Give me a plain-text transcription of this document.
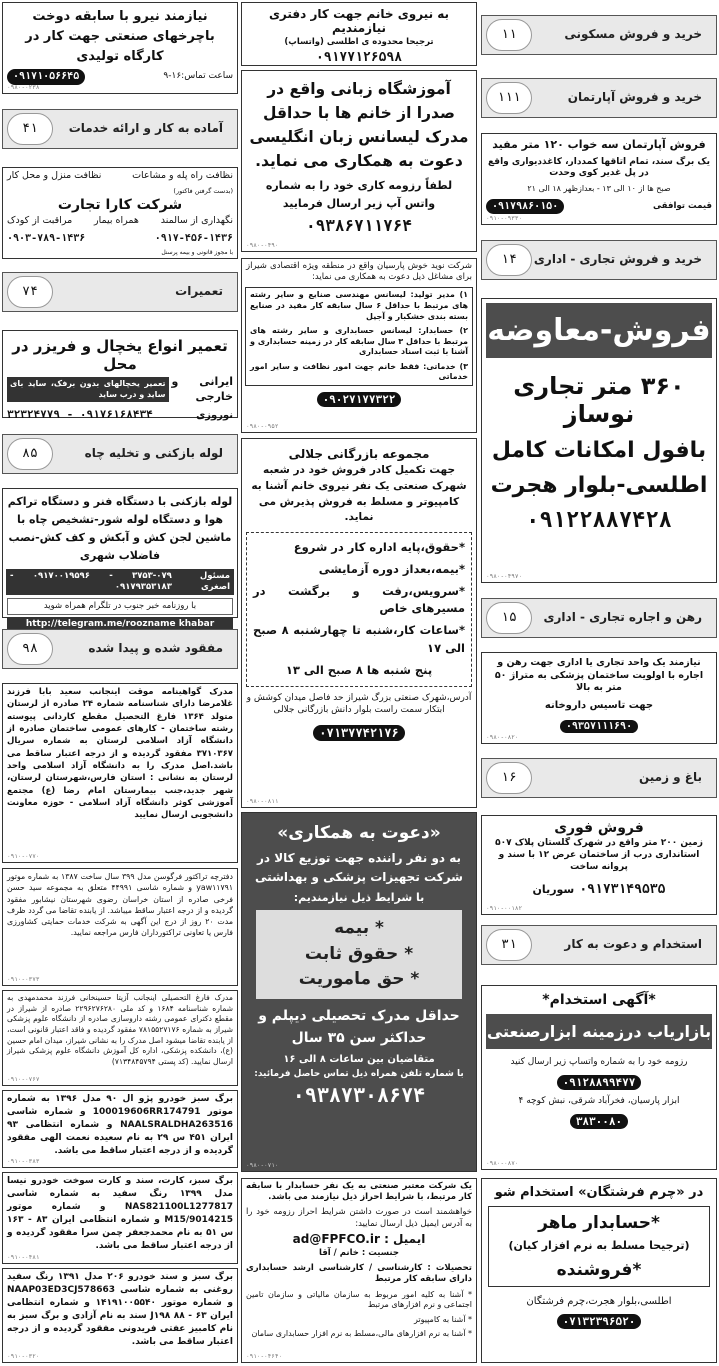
خرید و فروش مسکونی
۱۱
خرید و فروش آپارتمان
۱۱۱
فروش آپارتمان سه خواب ۱۲۰ متر مفید
یک برگ سند، تمام اتاقها کمددار، کاغذدیواری واقع در پل غدیر کوی وحدت
صبح ها از ۱۰ الی ۱۳ - بعدازظهر ۱۸ الی ۲۱
قیمت توافقی
۰۹۱۷۹۸۶۰۱۵۰
۰۹۱۰-۰۹۳۳۰
خرید و فروش تجاری - اداری
۱۴
فروش-معاوضه
۳۶۰ متر تجاری نوساز
بافول امکانات کامل
اطلسی-بلوار هجرت
۰۹۱۲۲۸۸۷۴۲۸
۰۹۸۰-۰۴۹۷۰
رهن و اجاره تجاری - اداری
۱۵
نیازمند یک واحد تجاری یا اداری جهت رهن و اجاره با اولویت ساختمان پزشکی به متراژ ۵۰ متر به بالا
جهت تاسیس داروخانه
۰۹۳۵۷۱۱۱۶۹۰
۰۹۸۰-۰۸۲۰
باغ و زمین
۱۶
فروش فوری
زمین ۲۰۰ متر واقع در شهرک گلستان پلاک ۵۰۷ استانداری درب از ساختمان عرض ۱۲ با سند و پروانه ساخت
۰۹۱۷۳۱۴۹۵۳۵ سوریان
۰۹۱۰-۰۰۱۸۲
استخدام و دعوت به کار
۳۱
*آگهی استخدام*
بازاریاب درزمینه ابزارصنعتی
رزومه خود را به شماره واتساپ زیر ارسال کنید
۰۹۱۲۸۸۹۹۴۷۷
ابزار پارسیان، فخرآباد شرقی، نبش کوچه ۴
۳۸۳۰۰۸۰
۰۹۸۰-۰۸۷۰
در «چرم فرشتگان» استخدام شو
*حسابدار ماهر
(ترجیحا مسلط به نرم افزار کیان)
*فروشنده
اطلسی،بلوار هجرت،چرم فرشتگان
۰۷۱۳۲۳۹۶۵۲۰
به نیروی خانم جهت کار دفتری نیازمندیم
ترجیحا محدوده ی اطلسی (واتساپ)
۰۹۱۷۷۱۲۶۵۹۸
آموزشگاه زبانی واقع در صدرا از خانم ها با حداقل مدرک لیسانس زبان انگلیسی دعوت به همکاری می نماید.
لطفاً رزومه کاری خود را به شماره واتس آپ زیر ارسال فرمایید
۰۹۳۸۶۷۱۱۷۶۴
۰۹۸۰-۰۴۹۰
شرکت نوید خوش پارسیان واقع در منطقه ویژه اقتصادی شیراز برای مشاغل ذیل دعوت به همکاری می نماید:
۱) مدیر تولید: لیسانس مهندسی صنایع و سایر رشته های مرتبط با حداقل ۶ سال سابقه کار مفید در صنایع بسته بندی خشکبار و آجیل
۲) حسابدار: لیسانس حسابداری و سایر رشته های مرتبط با حداقل ۳ سال سابقه کار در زمینه حسابداری و آشنا با ثبت اسناد حسابداری
۳) خدماتی: فقط خانم جهت امور نظافت و سایر امور خدماتی
۰۹۰۲۷۱۷۷۳۲۲
۰۹۸۰-۰۹۵۲
مجموعه بازرگانی جلالی
جهت تکمیل کادر فروش خود در شعبه شهرک صنعتی یک نفر نیروی خانم آشنا به کامپیوتر و مسلط به فروش پذیرش می نماید.
*حقوق،پایه اداره کار در شروع
*بیمه،بعداز دوره آزمایشی
*سرویس،رفت و برگشت در مسیرهای خاص
*ساعات کار،شنبه تا چهارشنبه ۸ صبح الی ۱۷
پنج شنبه ها ۸ صبح الی ۱۳
آدرس،شهرک صنعتی بزرگ شیراز حد فاصل میدان کوشش و ابتکار سمت راست بلوار دانش بازرگانی جلالی
۰۷۱۳۷۷۴۲۱۷۶
۰۹۸۰-۰۸۱۱
«دعوت به همکاری»
به دو نفر راننده جهت توزیع کالا در شرکت تجهیزات پزشکی و بهداشتی
با شرایط ذیل نیازمندیم:
* بیمه
* حقوق ثابت
* حق ماموریت
حداقل مدرک تحصیلی دیپلم و حداکثر سن ۳۵ سال
متقاضیان بین ساعات ۸ الی ۱۶
با شماره تلفن همراه ذیل تماس حاصل فرمائید:
۰۹۳۸۷۳۰۸۶۷۴
۰۹۸۰-۰۷۱۰
یک شرکت معتبر صنعتی به یک نفر حسابدار با سابقه کار مرتبط، با شرایط احراز ذیل نیازمند می باشد.
خواهشمند است در صورت داشتن شرایط احراز رزومه خود را به آدرس ایمیل ذیل ارسال نمایید:
ایمیل : ad@FPFCO.ir
جنسیت : خانم / آقا
تحصیلات : کارشناسی / کارشناسی ارشد حسابداری دارای سابقه کار مرتبط
* آشنا به کلیه امور مربوط به سازمان مالیاتی و سازمان تامین اجتماعی و نرم افزارهای مرتبط
* آشنا به کامپیوتر
* آشنا به نرم افزارهای مالی،مسلط به نرم افزار حسابداری سامان
۰۹۱۰-۰۴۶۴۰
نیازمند نیرو با سابقه دوخت باچرخهای صنعتی جهت کار در کارگاه تولیدی
ساعت تماس:۱۶-۹
۰۹۱۷۱۰۵۶۶۴۵
۰۹۸۰-۰۲۳۸
آماده به کار و ارائه خدمات
۴۱
نظافت راه پله و مشاعات
نظافت منزل و محل کار
(بدست گرفتن فاکتور)
شرکت کارا تجارت
نگهداری از سالمند
همراه بیمار
مراقبت از کودک
۰۹۱۷-۴۵۶-۱۴۳۶
۰۹۰۳-۷۸۹-۱۴۳۶
با مجوز قانونی و بیمه پرسنل
تعمیرات
۷۴
تعمیر انواع یخچال و فریزر در محل
ایرانی و خارجی
تعمیر یخچالهای بدون برفک، ساید بای ساید و درب ساید
نوروزی
۰۹۱۷۶۱۶۸۴۳۴ - ۳۲۳۲۴۷۷۹
لوله بازکنی و تخلیه چاه
۸۵
لوله بازکنی با دستگاه فنر و دستگاه تراکم هوا و دستگاه لوله شور-تشخیص چاه با ماشین لجن کش و آبکش و کف کش-نصب فاضلاب شهری
مسئول اصغری
۳۷۵۳-۰۷۹ - ۰۹۱۷۰۰۱۹۵۹۶ - ۰۹۱۷۹۳۵۳۱۸۳
با روزنامه خبر جنوب در تلگرام همراه شوید
http://telegram.me/roozname khabar
مفقود شده و پیدا شده
۹۸
مدرک گواهینامه موقت اینجانب سعید بابا فرزند غلامرضا دارای شناسنامه شماره ۲۴ صادره از لرستان متولد ۱۳۶۴ فارغ التحصیل مقطع کاردانی پیوسته رشته ساختمان - کارهای عمومی ساختمان صادره از دانشگاه آزاد اسلامی لرستان به شماره سریال ۳۷۱۰۳۶۷ مفقود گردیده و از درجه اعتبار ساقط می باشد.اصل مدرک را به دانشگاه آزاد اسلامی واحد لرستان به نشانی : استان فارس،شهرستان لرستان، شهر جدید،جنب بیمارستان امام رضا (ع) مجتمع آموزشی کوثر دانشگاه آزاد اسلامی - حوزه معاونت دانشجویی ارسال نمایید
۰۹۱۰-۰۷۷۰
دفترچه تراکتور فرگوسن مدل ۳۹۹ سال ساخت ۱۳۸۷ به شماره موتور yaw۱۱۷۹۱ و شماره شاسی ۴۴۹۹۱ متعلق به مجموعه سید حسن فرخی صادره از استان خراسان رضوی شهرستان نیشابور مفقود گردیده و از درجه اعتبار ساقط میباشد. از یابنده تقاضا می گردد ظرف مدت ۲۰ روز از درج این آگهی به شرکت خدمات حمایتی کشاورزی فارس یا تعاونی تراکتورداران فارس مراجعه نمایید.
۰۹۱۰-۰۳۷۳
مدرک فارغ التحصیلی اینجانب آزیتا حسینخانی فرزند محمدمهدی به شماره شناسنامه ۱۶۸۴ و کد ملی ۲۲۹۶۲۷۶۲۸۰ صادره از شیراز در مقطع دکترای عمومی رشته داروسازی صادره از دانشگاه علوم پزشکی شیراز به شماره ۷۸۱۵۵۲۷۱۷۶ مفقود گردیده و فاقد اعتبار قانونی است، از یابنده تقاضا میشود اصل مدرک را به نشانی شیراز، میدان امام حسین (ع)، دانشکده پزشکی، اداره کل آموزش دانشگاه علوم پزشکی شیراز ارسال نمایید. (کد پستی ۷۱۳۴۸۴۵۷۹۴)
۰۹۱۰-۰۷۶۷
برگ سبز خودرو پژو ال ۹۰ مدل ۱۳۹۶ به شماره موتور 100019606RR174791 و شماره شاسی NAALSRALDHA263516 و شماره انتظامی ۹۳ ایران ۴۵۱ س ۲۹ به نام سعیده نعمت الهی مفقود گردیده و از درجه اعتبار ساقط می باشد.
۰۹۱۰-۰۳۸۳
برگ سبز، کارت، سند و کارت سوخت خودرو نیسا مدل ۱۳۹۹ رنگ سفید به شماره شاسی NAS821100L1277817 و شماره موتور M15/9014215 و شماره انتظامی ایران ۸۳ - ۱۶۳ س ۵۱ به نام محمدجعفر چمن سرا مفقود گردیده و از درجه اعتبار ساقط می باشد.
۰۹۱۰-۰۴۸۱
برگ سبز و سند خودرو ۲۰۶ مدل ۱۳۹۱ رنگ سفید روغنی به شماره شاسی NAAP03ED3CJ578663 و شماره موتور ۱۴۱۹۱۰۰۵۵۴۰ و شماره انتظامی ایران ۶۳ - ۸۸ J۱۹۸ سند به نام آزادی و برگ سبز به نام کامبیز عفتی فریدونی مفقود گردیده و از درجه اعتبار ساقط می باشد.
۰۹۱۰-۰۳۲۰
